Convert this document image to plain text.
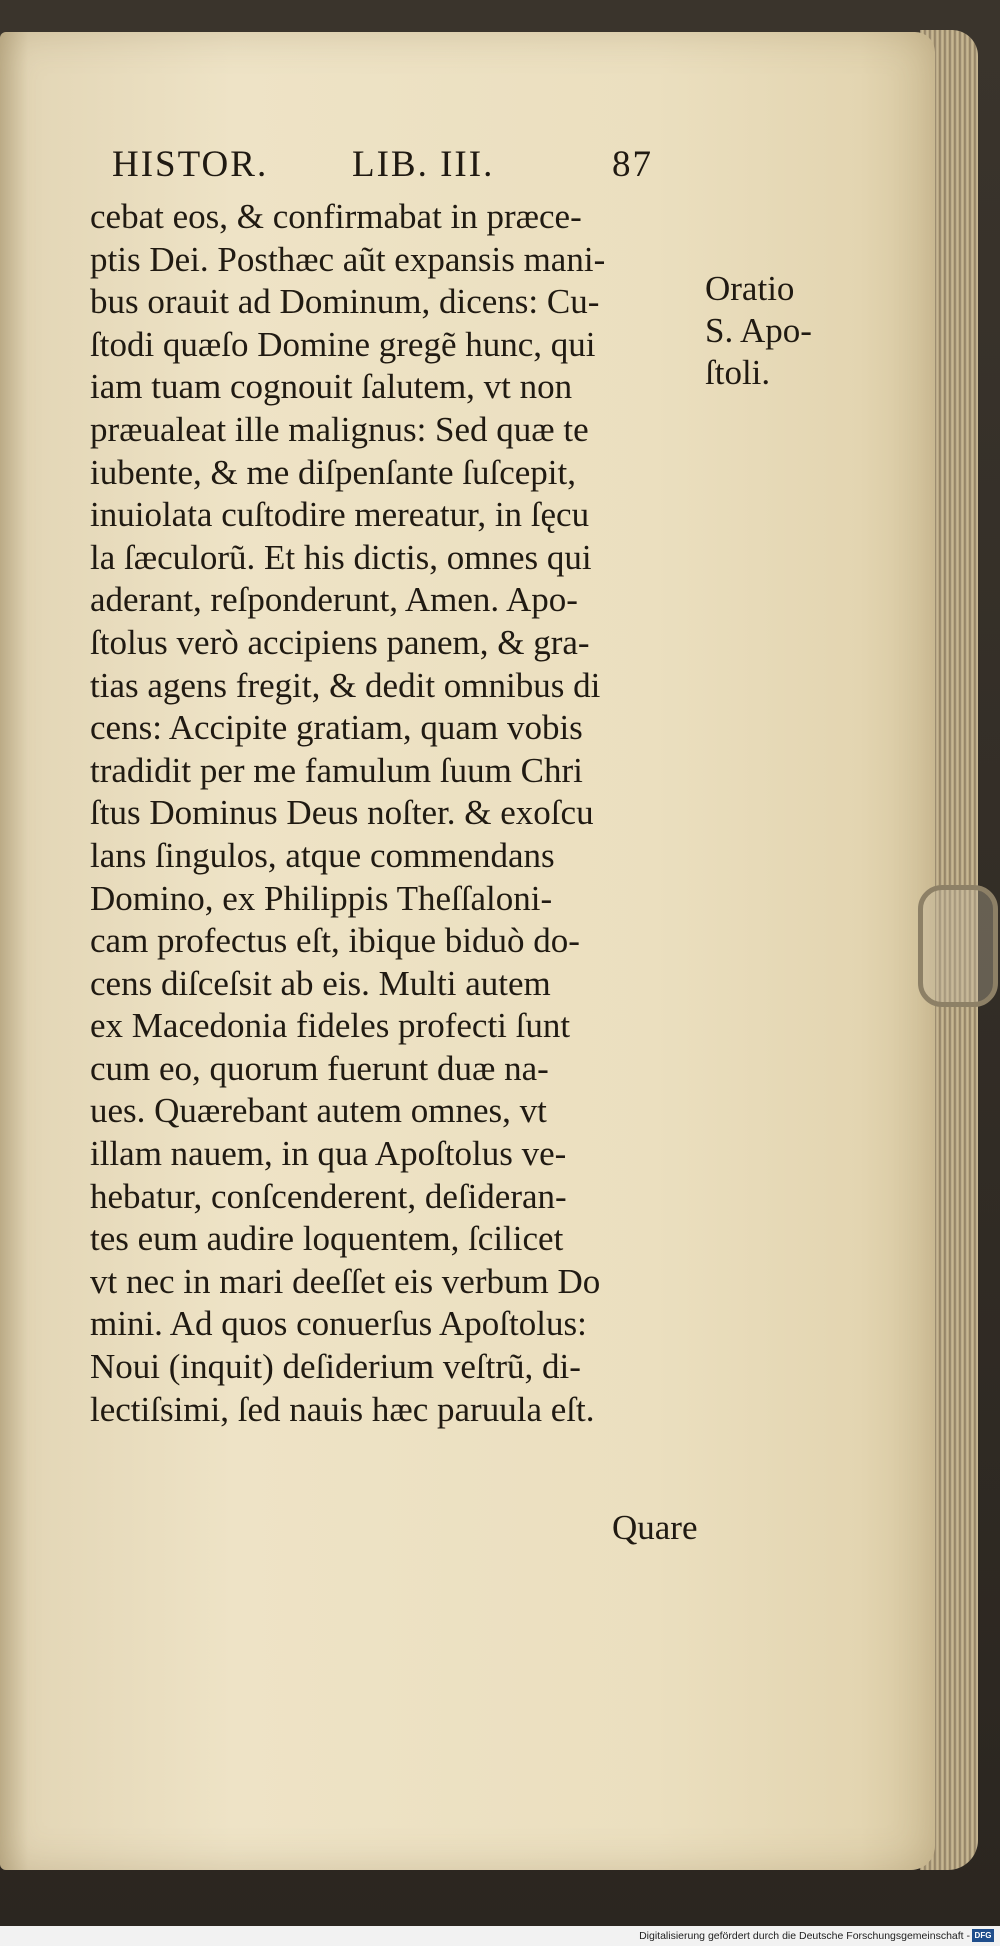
HISTOR. LIB. III.	87
cebat eos, & confirmabat in præce-
ptis Dei. Posthæc aũt expansis mani-
bus orauit ad Dominum, dicens: Cu-
ſtodi quæſo Domine gregẽ hunc, qui
iam tuam cognouit ſalutem, vt non
præualeat ille malignus: Sed quæ te
iubente, & me diſpenſante ſuſcepit,
inuiolata cuſtodire mereatur, in ſęcu
la ſæculorũ. Et his dictis, omnes qui
aderant, reſponderunt, Amen. Apo-
ſtolus verò accipiens panem, & gra-
tias agens fregit, & dedit omnibus di
cens: Accipite gratiam, quam vobis
tradidit per me famulum ſuum Chri
ſtus Dominus Deus noſter. & exoſcu
lans ſingulos, atque commendans
Domino, ex Philippis Theſſaloni-
cam profectus eſt, ibique biduò do-
cens diſceſsit ab eis. Multi autem
ex Macedonia fideles profecti ſunt
cum eo, quorum fuerunt duæ na-
ues. Quærebant autem omnes, vt
illam nauem, in qua Apoſtolus ve-
hebatur, conſcenderent, deſideran-
tes eum audire loquentem, ſcilicet
vt nec in mari deeſſet eis verbum Do
mini. Ad quos conuerſus Apoſtolus:
Noui (inquit) deſiderium veſtrũ, di-
lectiſsimi, ſed nauis hæc paruula eſt.
Oratio
S. Apo-
ſtoli.
Quare
Digitalisierung gefördert durch die Deutsche Forschungsgemeinschaft - DFG
